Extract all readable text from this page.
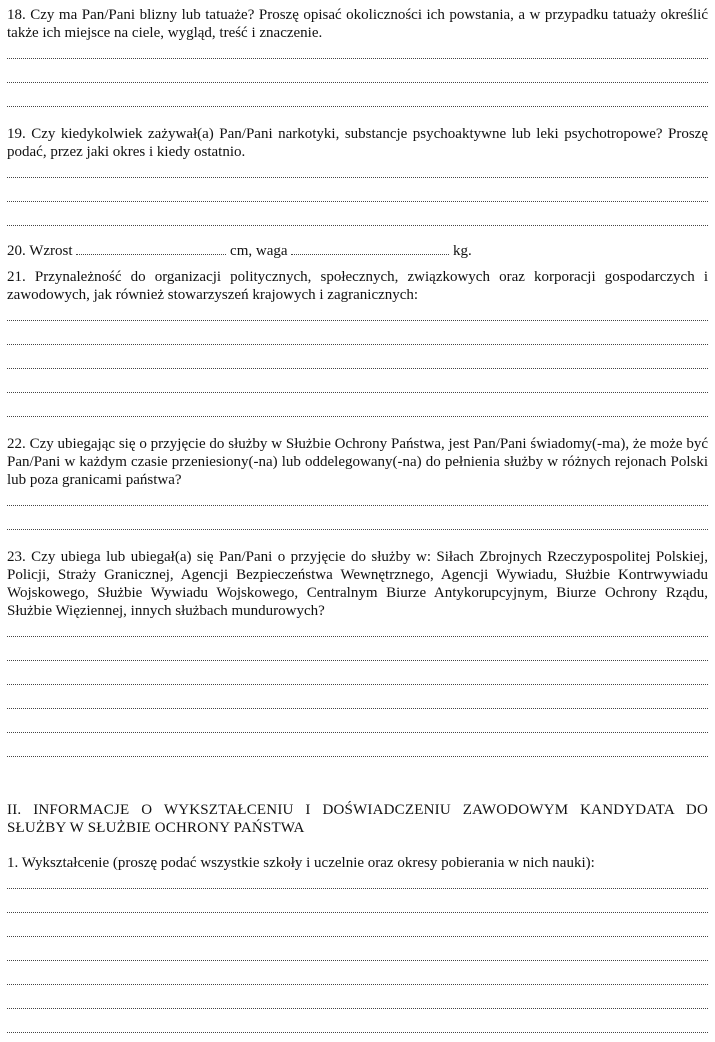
18. Czy ma Pan/Pani blizny lub tatuaże? Proszę opisać okoliczności ich powstania, a w przypadku tatuaży określić także ich miejsce na ciele, wygląd, treść i znaczenie.

19. Czy kiedykolwiek zażywał(a) Pan/Pani narkotyki, substancje psychoaktywne lub leki psychotropowe? Proszę podać, przez jaki okres i kiedy ostatnio.

20. Wzrost	cm, waga	kg.

21. Przynależność do organizacji politycznych, społecznych, związkowych oraz korporacji gospodarczych i zawodowych, jak również stowarzyszeń krajowych i zagranicznych:

22. Czy ubiegając się o przyjęcie do służby w Służbie Ochrony Państwa, jest Pan/Pani świadomy(-ma), że może być Pan/Pani w każdym czasie przeniesiony(-na) lub oddelegowany(-na) do pełnienia służby w różnych rejonach Polski lub poza granicami państwa?

23. Czy ubiega lub ubiegał(a) się Pan/Pani o przyjęcie do służby w: Siłach Zbrojnych Rzeczypospolitej Polskiej, Policji, Straży Granicznej, Agencji Bezpieczeństwa Wewnętrznego, Agencji Wywiadu, Służbie Kontrwywiadu Wojskowego, Służbie Wywiadu Wojskowego, Centralnym Biurze Antykorupcyjnym, Biurze Ochrony Rządu, Służbie Więziennej, innych służbach mundurowych?

II. INFORMACJE O WYKSZTAŁCENIU I DOŚWIADCZENIU ZAWODOWYM KANDYDATA DO SŁUŻBY W SŁUŻBIE OCHRONY PAŃSTWA

1. Wykształcenie (proszę podać wszystkie szkoły i uczelnie oraz okresy pobierania w nich nauki):
